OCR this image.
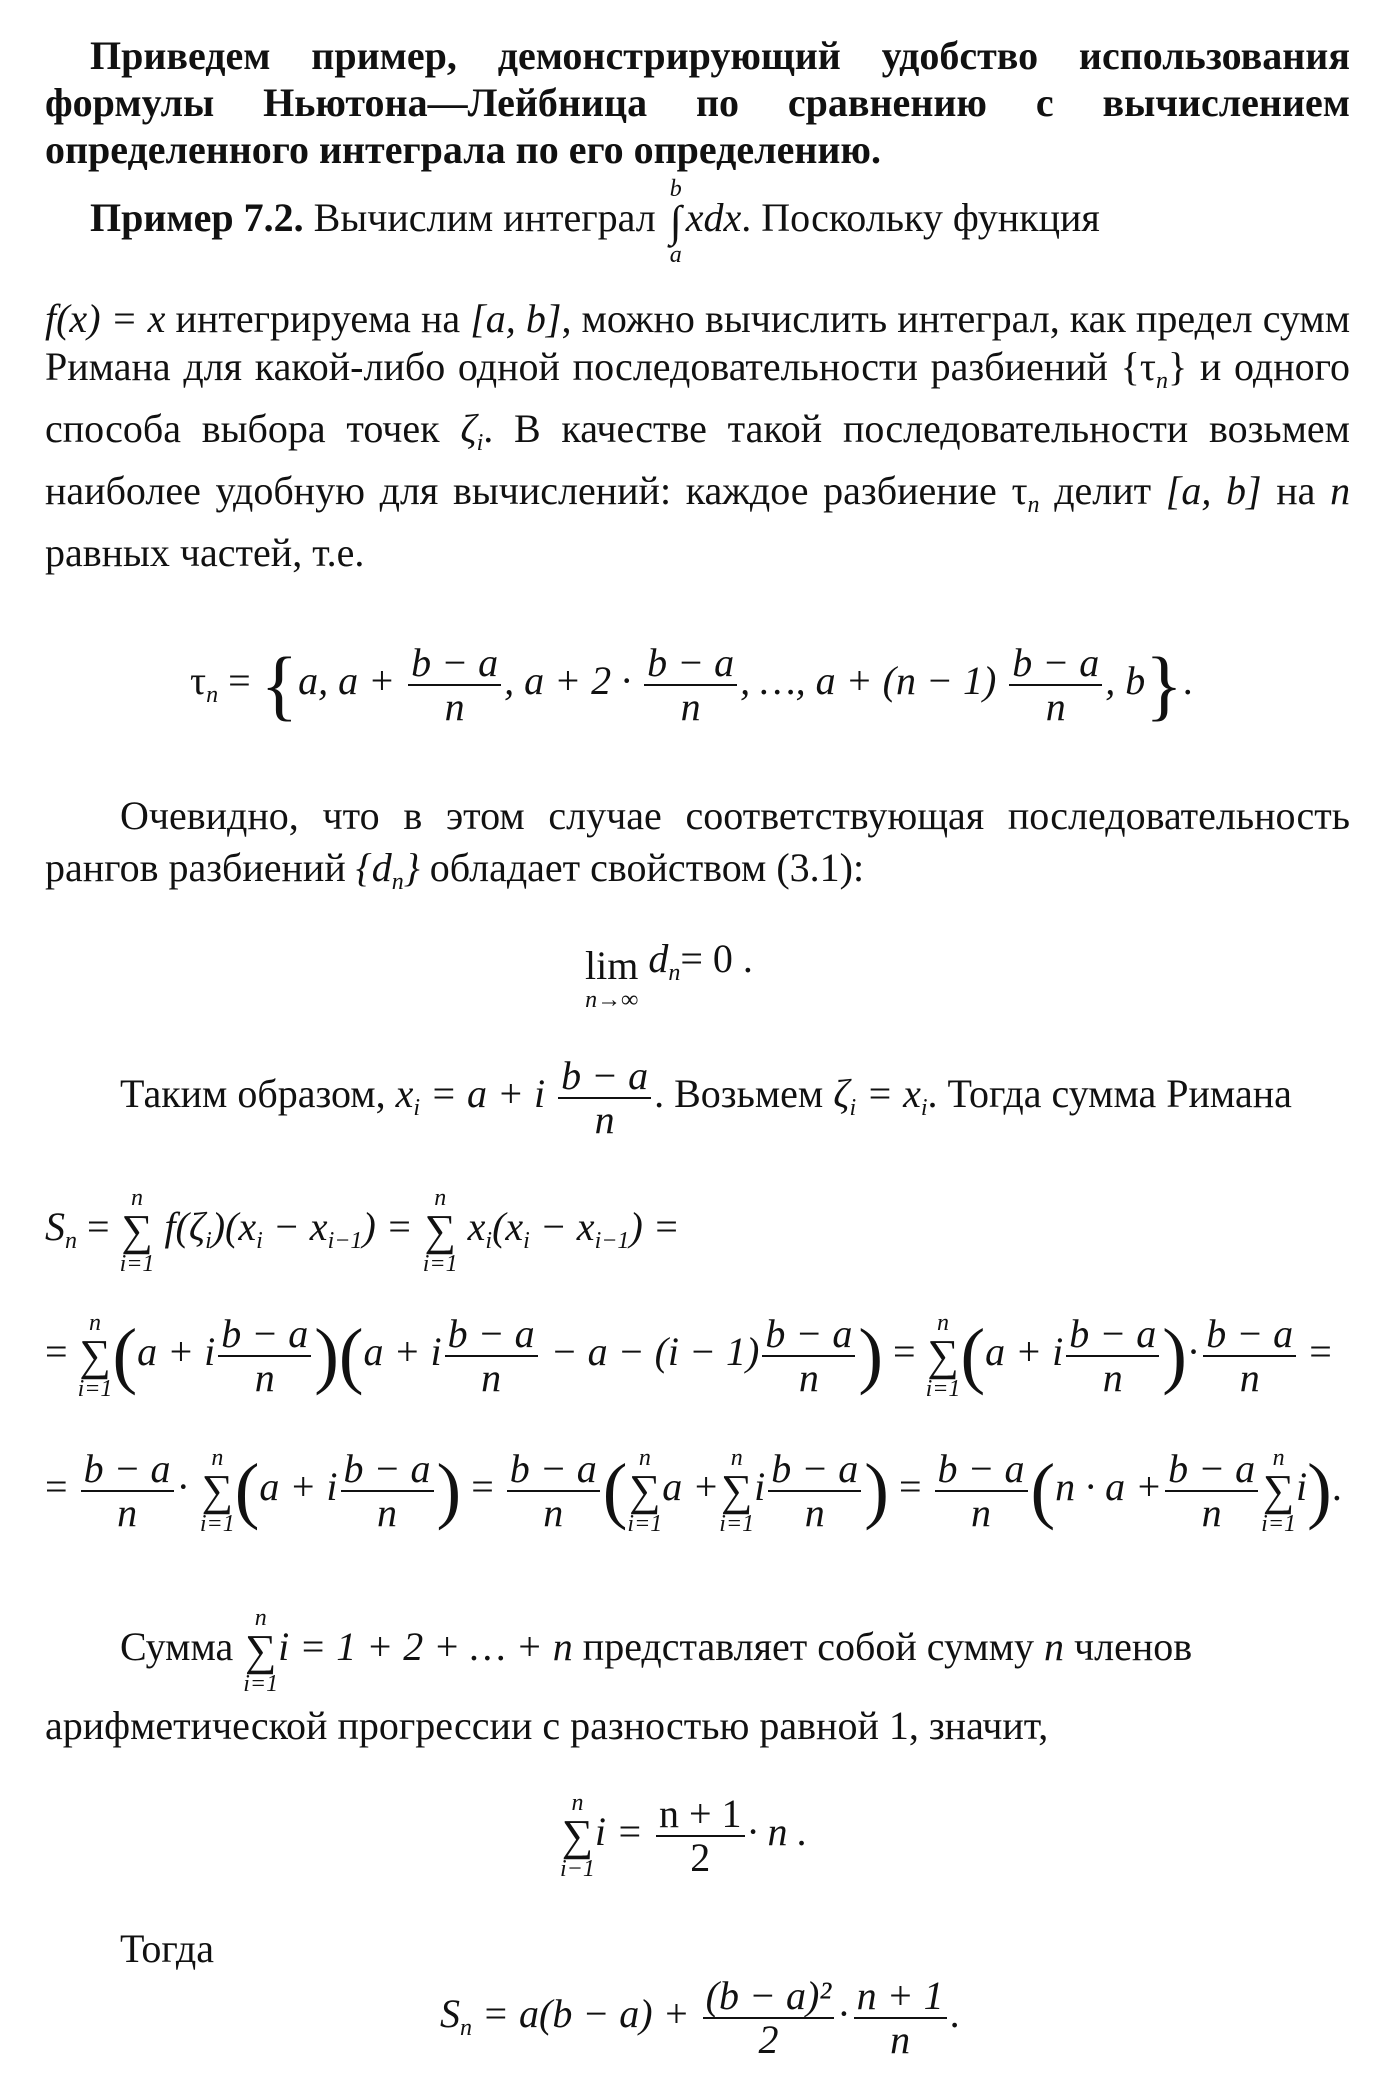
Приведем пример, демонстрирующий удобство использования формулы Ньютона—Лейбница по сравнению с вычислением определенного интеграла по его определению.
Пример 7.2. Вычислим интеграл
b
∫
a
xdx. Поскольку функция
f(x) = x интегрируема на [a, b], можно вычислить интеграл, как предел сумм Римана для какой-либо одной последовательности разбиений $\{\tau_n\}$ и одного способа выбора точек $\zeta_i$. В качестве такой последовательности возьмем наиболее удобную для вычислений: каждое разбиение $\tau_n$ делит [a, b] на n равных частей, т.е.
$\tau_n = \{a$, $a + \frac{b - a}{n}$ , $a + 2 \cdot \frac{b - a}{n}$ , …, $a + (n - 1) \frac{b - a}{n}$ , b}.
Очевидно, что в этом случае соответствующая последовательность рангов разбиений $\{d_n\}$ обладает свойством (3.1):
lim
n→∞
$d_n= 0$ .
Таким образом, $x_i = a + i \frac{b - a}{n}$ . Возьмем $\zeta_i = x_i$. Тогда сумма Римана
$S_n$ =
n
∑
i=1
$f(\zeta_i)(x_i - x_{i-1})$ =
n
∑
i=1
$x_i(x_i - x_{i-1})$ =
=
n
∑
i=1 (a + i $\frac{b - a}{n} )(a + i \frac{b - a}{n} - a - (i - 1) \frac{b - a}{n}$ ) =
n
∑
i=1 (a + i $\frac{b - a}{n}$ )· $\frac{b - a}{n}$ =
= $\frac{b - a}{n}$ ·
n
∑
i=1 (a + i $\frac{b - a}{n}$ ) = $\frac{b - a}{n}$ ( n
∑
i=1
a +
n
∑
i=1
i $\frac{b - a}{n}$ ) = $\frac{b - a}{n} (n \cdot a + \frac{b - a}{n}$ n
∑
i=1
i).
Сумма
n
∑
i=1
i = 1 + 2 + … + n представляет собой сумму n членов арифметической прогрессии с разностью равной 1, значит,
n
∑
i−1
$i = \frac{n + 1}{2} \cdot n$ .
Тогда
$S_n = a(b - a) + \frac{\text{(b − a)²}}{2} \cdot \frac{n + 1}{n}$ .
